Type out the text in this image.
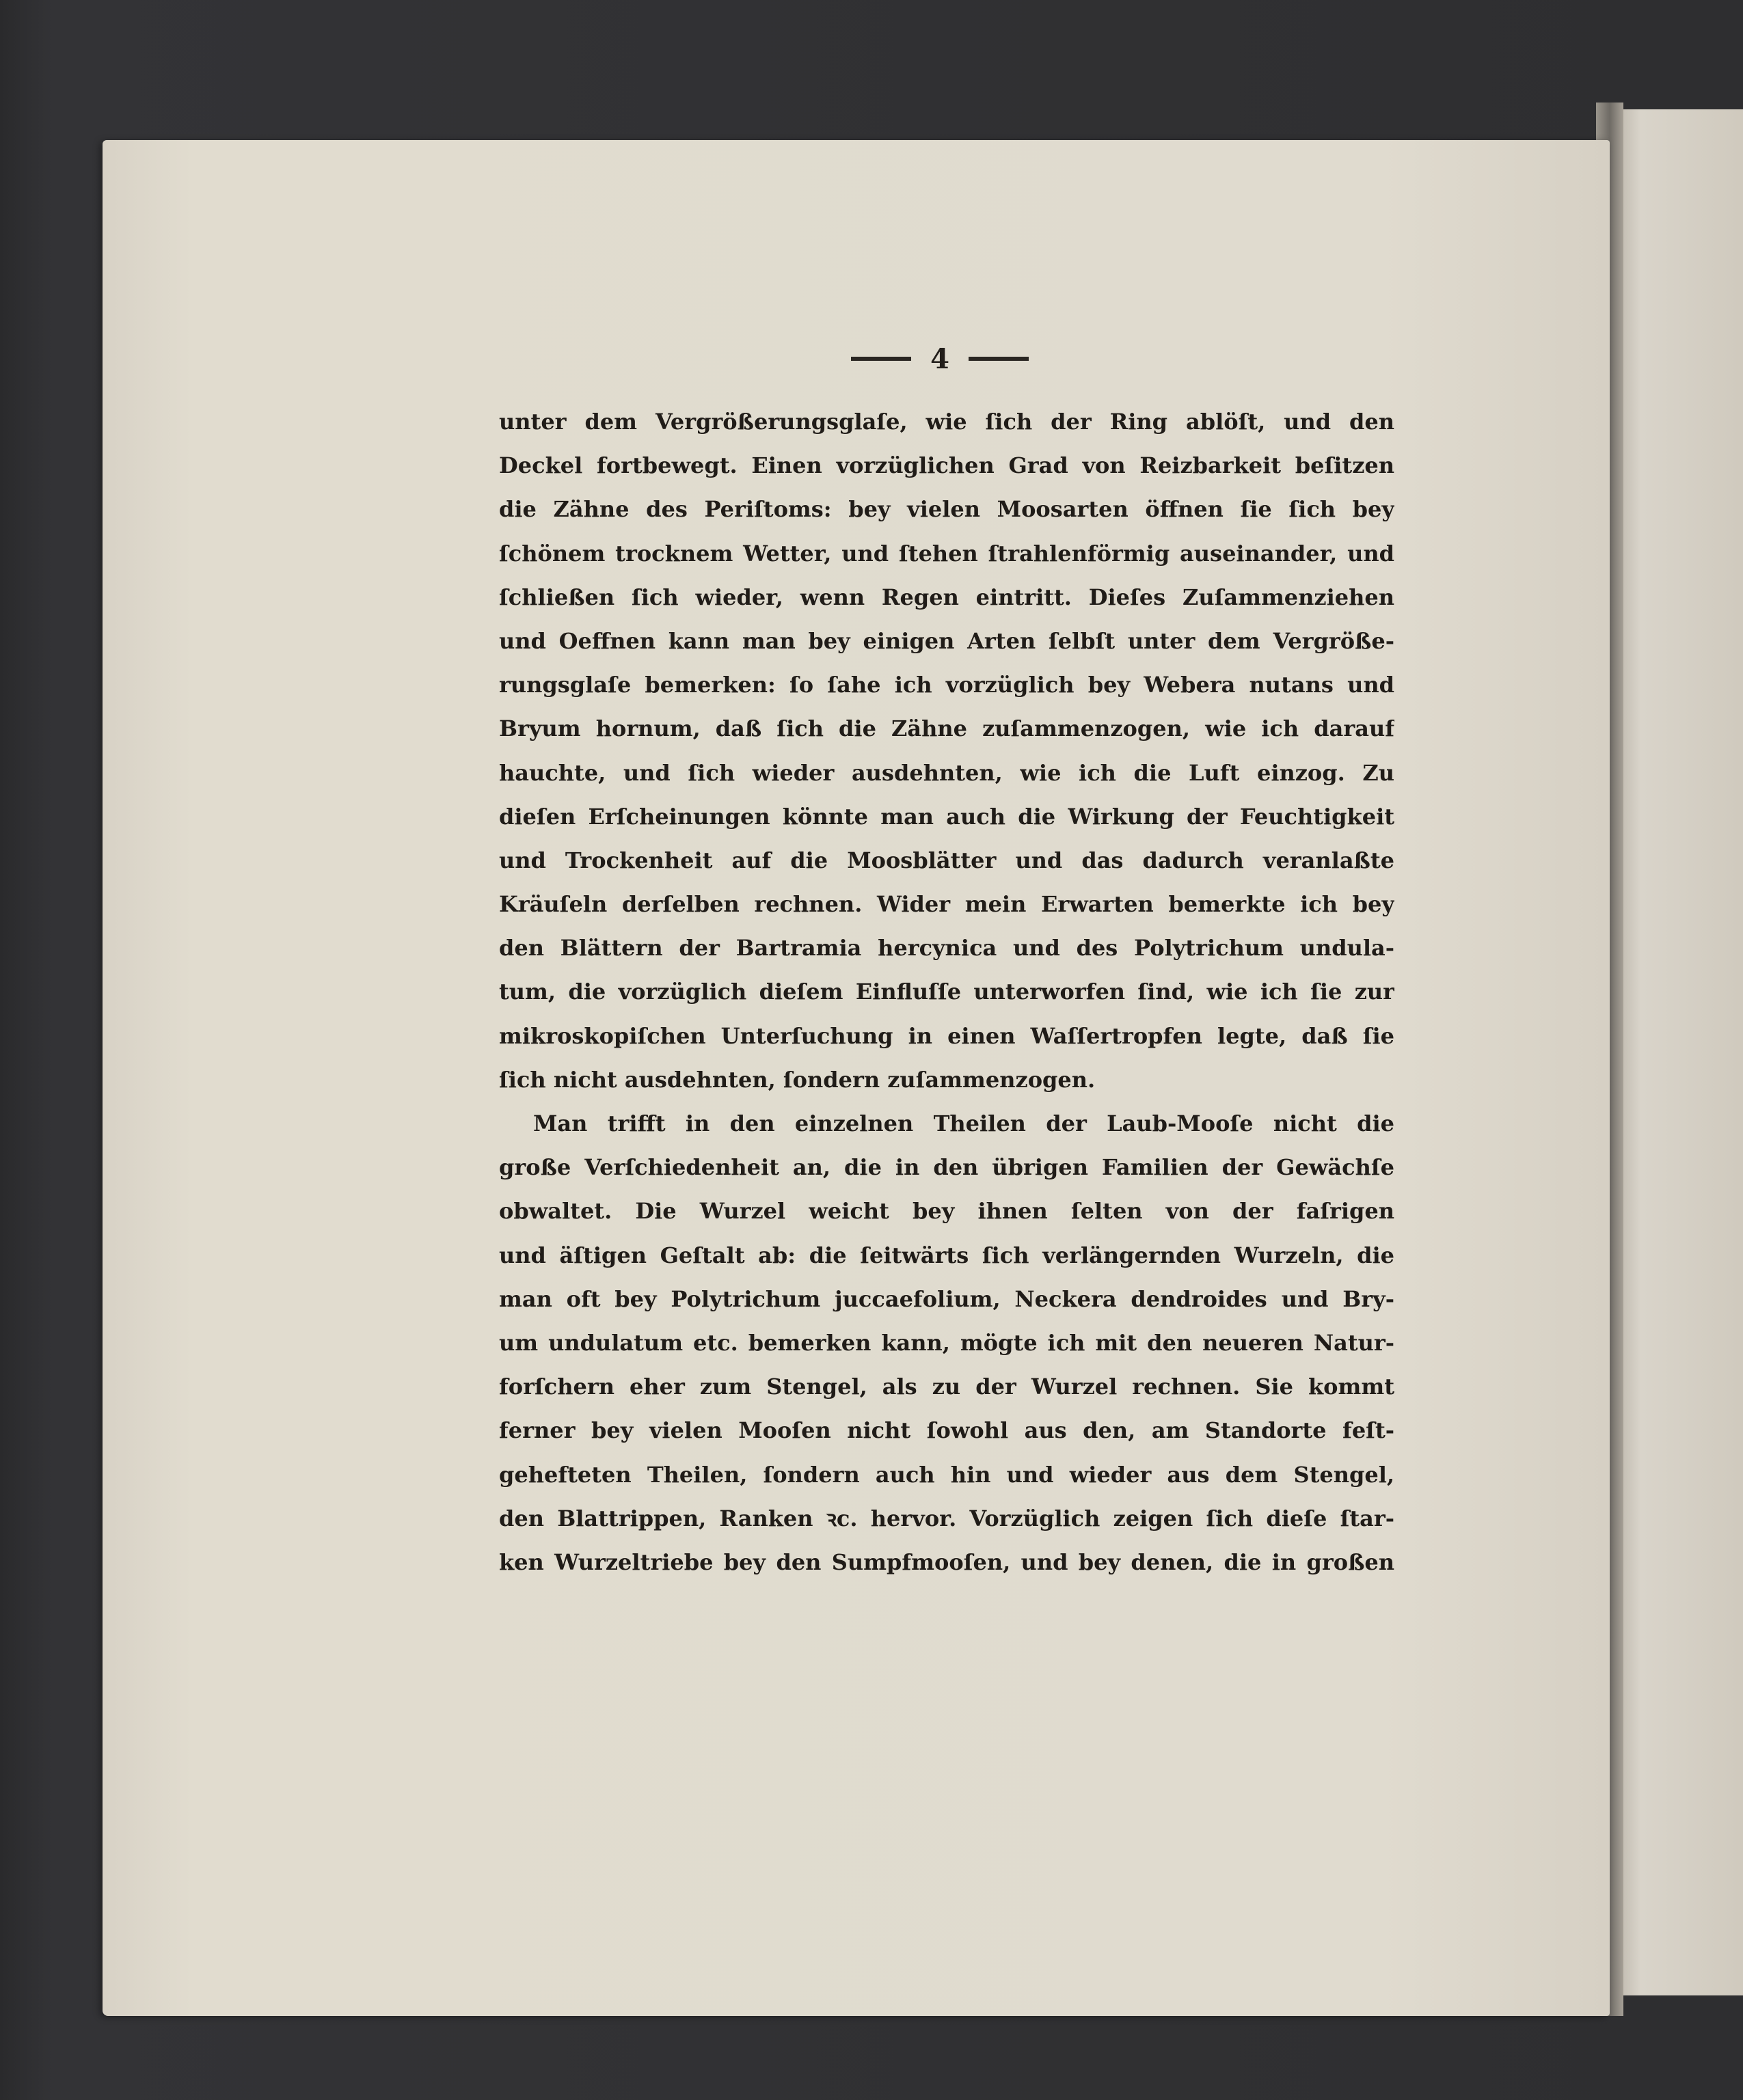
4
unter dem Vergrößerungsglaſe, wie ſich der Ring ablöſt, und den
Deckel fortbewegt. Einen vorzüglichen Grad von Reizbarkeit beſitzen
die Zähne des Periſtoms: bey vielen Moosarten öffnen ſie ſich bey
ſchönem trocknem Wetter, und ſtehen ſtrahlenförmig auseinander, und
ſchließen ſich wieder, wenn Regen eintritt. Dieſes Zuſammenziehen
und Oeffnen kann man bey einigen Arten ſelbſt unter dem Vergröße-
rungsglaſe bemerken: ſo ſahe ich vorzüglich bey Webera nutans und
Bryum hornum, daß ſich die Zähne zuſammenzogen, wie ich darauf
hauchte, und ſich wieder ausdehnten, wie ich die Luft einzog. Zu
dieſen Erſcheinungen könnte man auch die Wirkung der Feuchtigkeit
und Trockenheit auf die Moosblätter und das dadurch veranlaßte
Kräuſeln derſelben rechnen. Wider mein Erwarten bemerkte ich bey
den Blättern der Bartramia hercynica und des Polytrichum undula-
tum, die vorzüglich dieſem Einfluſſe unterworfen ſind, wie ich ſie zur
mikroskopiſchen Unterſuchung in einen Waſſertropfen legte, daß ſie
ſich nicht ausdehnten, ſondern zuſammenzogen.
Man trifft in den einzelnen Theilen der Laub-Mooſe nicht die
große Verſchiedenheit an, die in den übrigen Familien der Gewächſe
obwaltet. Die Wurzel weicht bey ihnen ſelten von der faſrigen
und äſtigen Geſtalt ab: die ſeitwärts ſich verlängernden Wurzeln, die
man oft bey Polytrichum juccaefolium, Neckera dendroides und Bry-
um undulatum etc. bemerken kann, mögte ich mit den neueren Natur-
forſchern eher zum Stengel, als zu der Wurzel rechnen. Sie kommt
ferner bey vielen Mooſen nicht ſowohl aus den, am Standorte feſt-
gehefteten Theilen, ſondern auch hin und wieder aus dem Stengel,
den Blattrippen, Ranken ꝛc. hervor. Vorzüglich zeigen ſich dieſe ſtar-
ken Wurzeltriebe bey den Sumpfmooſen, und bey denen, die in großen
